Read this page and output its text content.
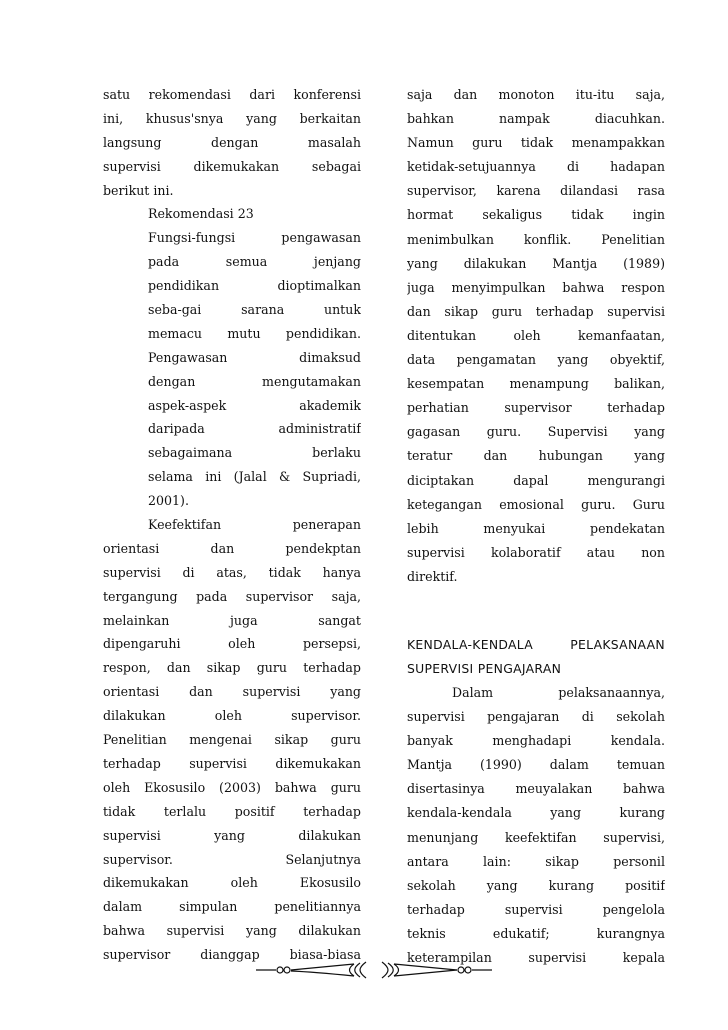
satu rekomendasi dari konferensi
ini, khusus'snya yang berkaitan
langsung dengan masalah
supervisi dikemukakan sebagai
berikut ini.
Rekomendasi 23
Fungsi-fungsi pengawasan
pada semua jenjang
pendidikan dioptimalkan
seba-gai sarana untuk
memacu mutu pendidikan.
Pengawasan dimaksud
dengan mengutamakan
aspek-aspek akademik
daripada administratif
sebagaimana berlaku
selama ini (Jalal & Supriadi,
2001).
Keefektifan penerapan
orientasi dan pendekptan
supervisi di atas, tidak hanya
tergangung pada supervisor saja,
melainkan juga sangat
dipengaruhi oleh persepsi,
respon, dan sikap guru terhadap
orientasi dan supervisi yang
dilakukan oleh supervisor.
Penelitian mengenai sikap guru
terhadap supervisi dikemukakan
oleh Ekosusilo (2003) bahwa guru
tidak terlalu positif terhadap
supervisi yang dilakukan
supervisor. Selanjutnya
dikemukakan oleh Ekosusilo
dalam simpulan penelitiannya
bahwa supervisi yang dilakukan
supervisor dianggap biasa-biasa
saja dan monoton itu-itu saja,
bahkan nampak diacuhkan.
Namun guru tidak menampakkan
ketidak-setujuannya di hadapan
supervisor, karena dilandasi rasa
hormat sekaligus tidak ingin
menimbulkan konflik. Penelitian
yang dilakukan Mantja (1989)
juga menyimpulkan bahwa respon
dan sikap guru terhadap supervisi
ditentukan oleh kemanfaatan,
data pengamatan yang obyektif,
kesempatan menampung balikan,
perhatian supervisor terhadap
gagasan guru. Supervisi yang
teratur dan hubungan yang
diciptakan dapal mengurangi
ketegangan emosional guru. Guru
lebih menyukai pendekatan
supervisi kolaboratif atau non
direktif.
KENDALA-KENDALA PELAKSANAAN
SUPERVISI PENGAJARAN
Dalam pelaksanaannya,
supervisi pengajaran di sekolah
banyak menghadapi kendala.
Mantja (1990) dalam temuan
disertasinya meuyalakan bahwa
kendala-kendala yang kurang
menunjang keefektifan supervisi,
antara lain: sikap personil
sekolah yang kurang positif
terhadap supervisi pengelola
teknis edukatif; kurangnya
keterampilan supervisi kepala
